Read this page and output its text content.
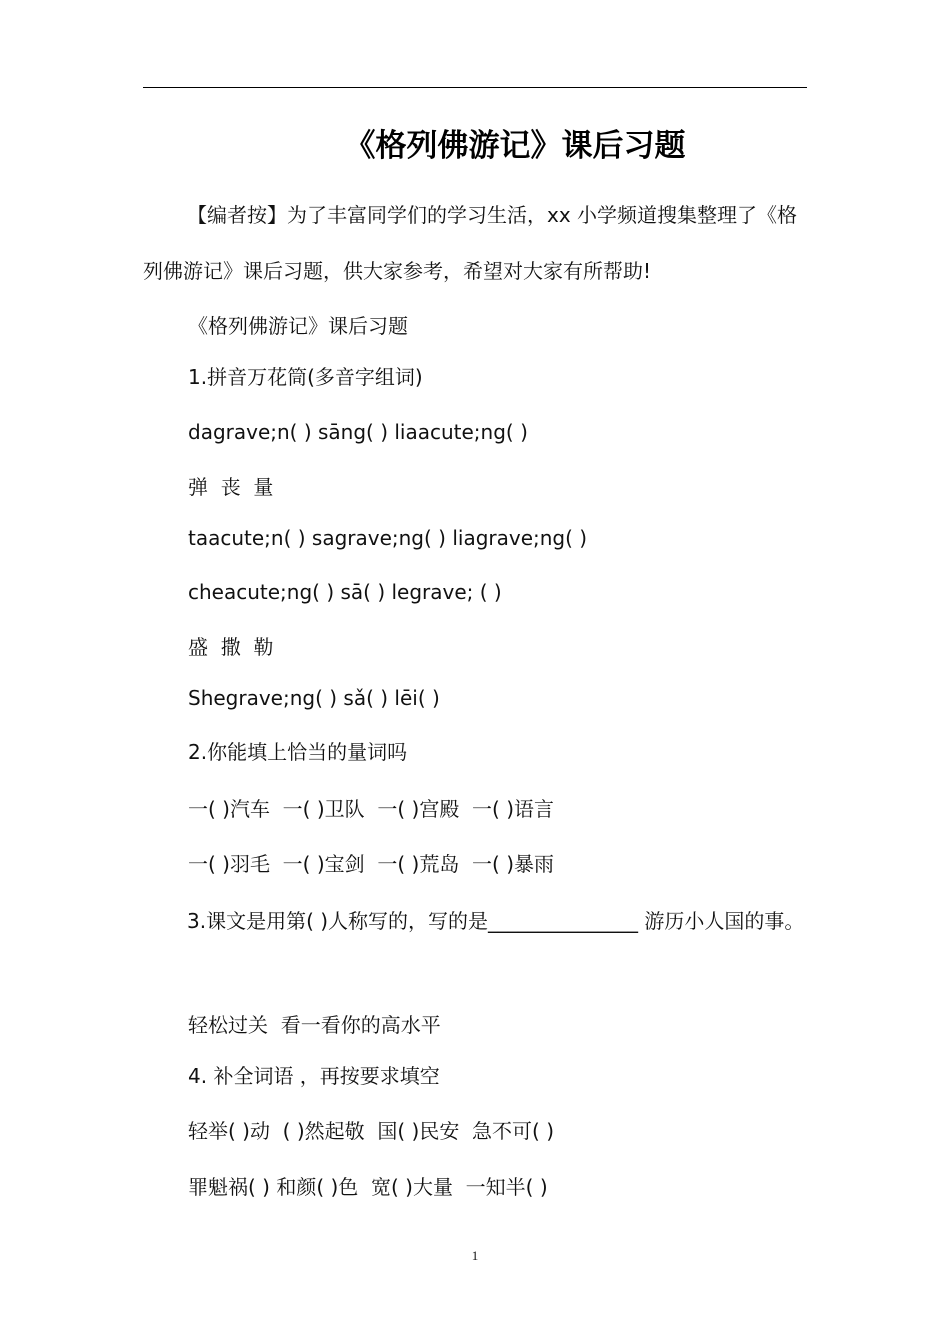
《格列佛游记》课后习题

【编者按】为了丰富同学们的学习生活，xx 小学频道搜集整理了《格列佛游记》课后习题，供大家参考，希望对大家有所帮助!

《格列佛游记》课后习题
1.拼音万花筒(多音字组词)
dagrave;n( ) sāng( ) liaacute;ng( )
弹  丧  量
taacute;n( ) sagrave;ng( ) liagrave;ng( )
cheacute;ng( ) sā( ) legrave; ( )
盛  撒  勒
Shegrave;ng( ) sǎ( ) lēi( )
2.你能填上恰当的量词吗
一( )汽车  一( )卫队  一( )宫殿  一( )语言
一( )羽毛  一( )宝剑  一( )荒岛  一( )暴雨

3.课文是用第( )人称写的，写的是_______________ 游历小人国的事。

轻松过关  看一看你的高水平
4. 补全词语 ，再按要求填空
轻举( )动  ( )然起敬  国( )民安  急不可( )
罪魁祸( ) 和颜( )色  宽( )大量  一知半( )
1
